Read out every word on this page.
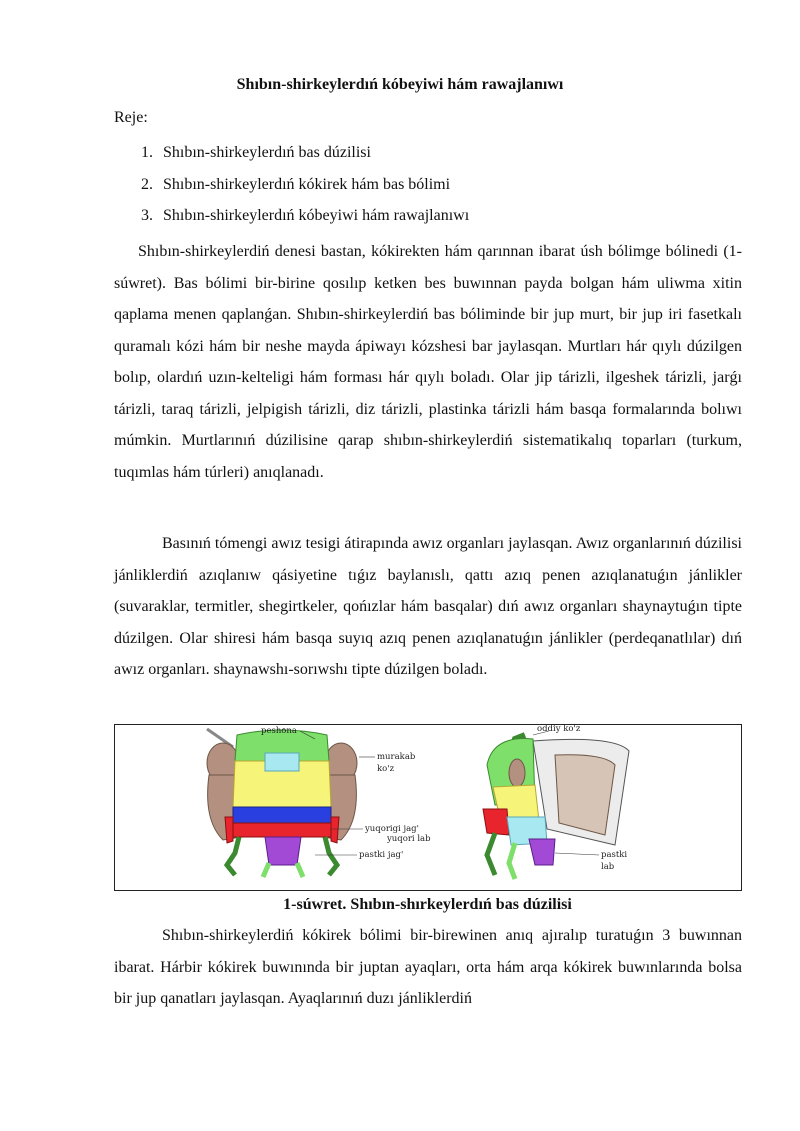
Shıbın-shirkeylerdıń kóbeyiwi hám rawajlanıwı
Reje:
1. Shıbın-shirkeylerdıń bas dúzilisi
2. Shıbın-shirkeylerdıń kókirek hám bas bólimi
3. Shıbın-shirkeylerdıń kóbeyiwi hám rawajlanıwı

Shıbın-shirkeylerdiń denesi bastan, kókirekten hám qarınnan ibarat úsh bólimge bólinedi (1-súwret). Bas bólimi bir-birine qosılıp ketken bes buwınnan payda bolgan hám uliwma xitin qaplama menen qaplanǵan. Shıbın-shirkeylerdiń bas bóliminde bir jup murt, bir jup iri fasetkalı quramalı kózi hám bir neshe mayda ápiwayı kózshesi bar jaylasqan. Murtları hár qıylı dúzilgen bolıp, olardıń uzın-kelteligi hám forması hár qıylı boladı. Olar jip tárizli, ilgeshek tárizli, jarǵı tárizli, taraq tárizli, jelpigish tárizli, diz tárizli, plastinka tárizli hám basqa formalarında bolıwı múmkin. Murtlarınıń dúzilisine qarap shıbın-shirkeylerdiń sistematikalıq toparları (turkum, tuqımlas hám túrleri) anıqlanadı.

Basınıń tómengi awız tesigi átirapında awız organları jaylasqan. Awız organlarınıń dúzilisi jánliklerdiń azıqlanıw qásiyetine tıǵız baylanıslı, qattı azıq penen azıqlanatuǵın jánlikler (suvaraklar, termitler, shegirtkeler, qońızlar hám basqalar) dıń awız organları shaynaytuǵın tipte dúzilgen. Olar shiresi hám basqa suyıq azıq penen azıqlanatuǵın jánlikler (perdeqanatlılar) dıń awız organları. shaynawshı-sorıwshı tipte dúzilgen boladı.

peshona
murakab
ko'z
yuqorigi jag'
yuqori lab
pastki jag'
oddiy ko'z
pastki
lab
1-súwret. Shıbın-shırkeylerdıń bas dúzilisi

Shıbın-shirkeylerdiń kókirek bólimi bir-birewinen anıq ajıralıp turatuǵın 3 buwınnan ibarat. Hárbir kókirek buwınında bir juptan ayaqları, orta hám arqa kókirek buwınlarında bolsa bir jup qanatları jaylasqan. Ayaqlarınıń duzı jánliklerdiń
